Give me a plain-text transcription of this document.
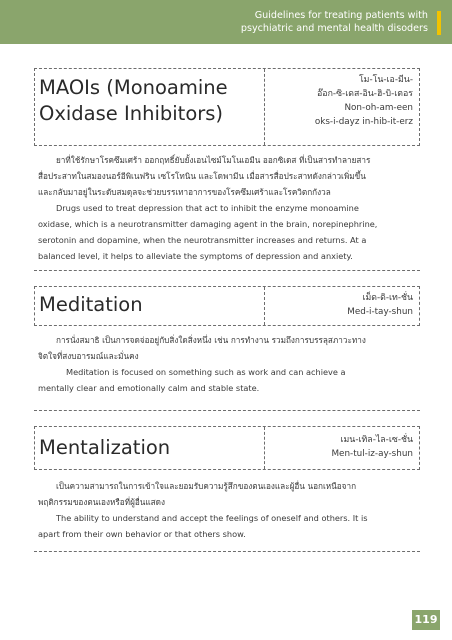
Guidelines for treating patients with
psychiatric and mental health disoders
MAOIs (Monoamine
Oxidase Inhibitors)
โม-โน-เอ-มีน-
อ๊อก-ซิ-เดส-อิน-ฮิ-บิ-เตอร
Non-oh-am-een
oks-i-dayz in-hib-it-erz

ยาที่ใช้รักษาโรคซึมเศร้า ออกฤทธิ์ยับยั้งเอนไซม์โมโนเอมีน ออกซิเดส ที่เป็นสารทำลายสาร

สื่อประสาทในสมองนอร์อีพิเนฟริน เซโรโทนิน และโดพามีน เมื่อสารสื่อประสาทดังกล่าวเพิ่มขึ้น

และกลับมาอยู่ในระดับสมดุลจะช่วยบรรเทาอาการของโรคซึมเศร้าและโรควิตกกังวล

Drugs used to treat depression that act to inhibit the enzyme monoamine

oxidase, which is a neurotransmitter damaging agent in the brain, norepinephrine,

serotonin and dopamine, when the neurotransmitter increases and returns. At a

balanced level, it helps to alleviate the symptoms of depression and anxiety.

Meditation	เม็ด-ดิ-เท-ชั่น
Med-i-tay-shun

การนั่งสมาธิ เป็นการจดจ่ออยู่กับสิ่งใดสิ่งหนึ่ง เช่น การทำงาน รวมถึงการบรรลุสภาวะทาง

จิตใจที่สงบอารมณ์และมั่นคง

Meditation is focused on something such as work and can achieve a

mentally clear and emotionally calm and stable state.

Mentalization	เมน-เทิล-ไล-เซ-ชั่น
Men-tul-iz-ay-shun

เป็นความสามารถในการเข้าใจและยอมรับความรู้สึกของตนเองและผู้อื่น นอกเหนือจาก

พฤติกรรมของตนเองหรือที่ผู้อื่นแสดง

The ability to understand and accept the feelings of oneself and others. It is

apart from their own behavior or that others show.

119
